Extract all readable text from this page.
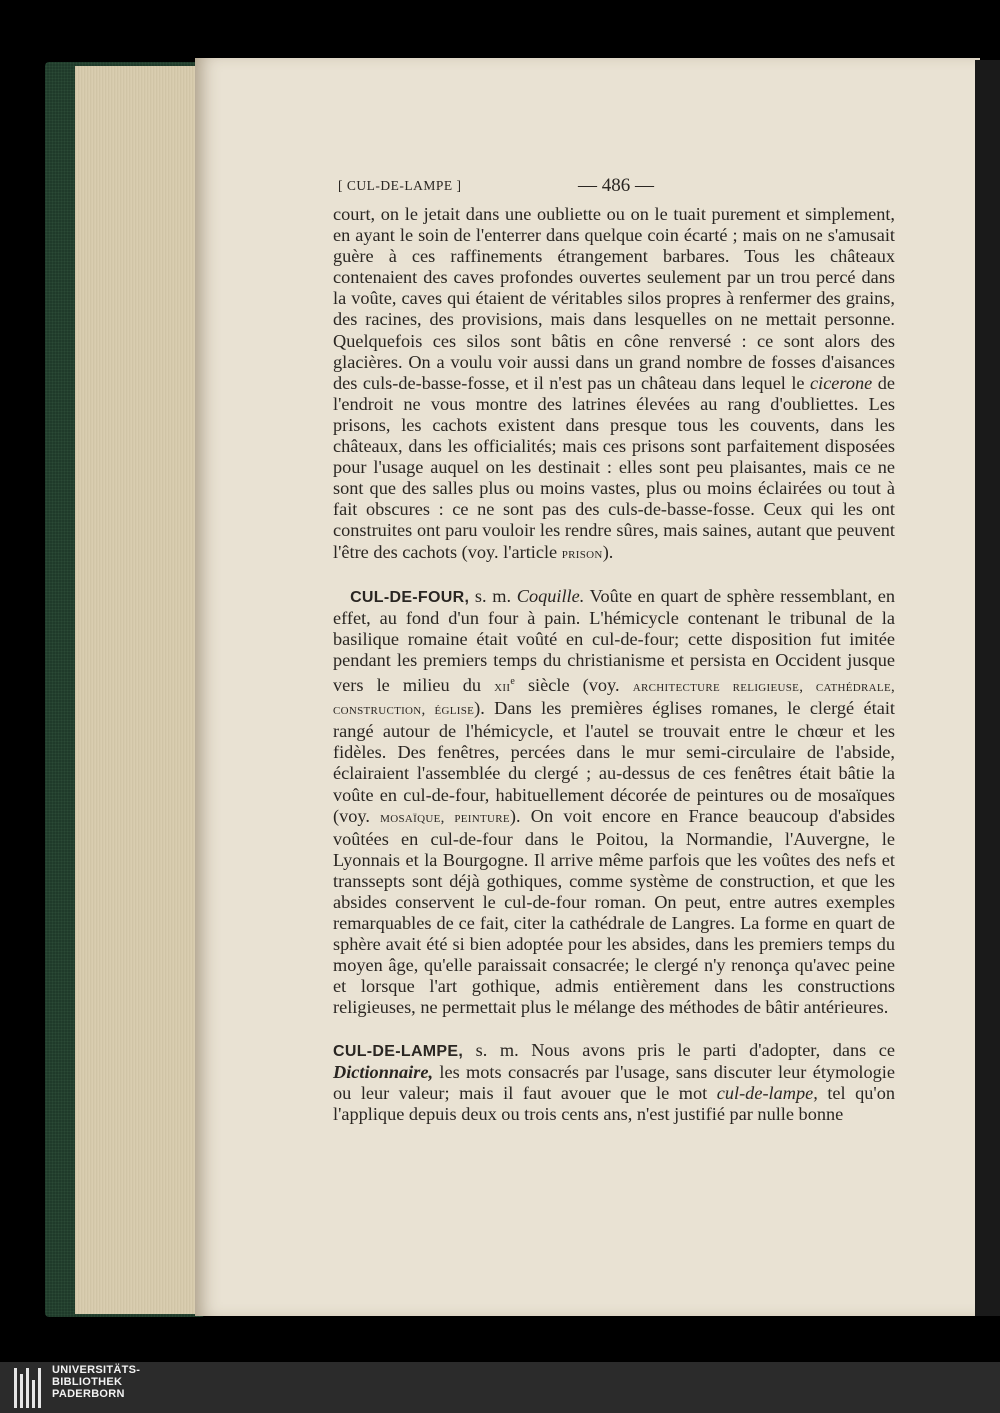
[ CUL-DE-LAMPE ]	— 486 —

court, on le jetait dans une oubliette ou on le tuait purement et simplement, en ayant le soin de l'enterrer dans quelque coin écarté ; mais on ne s'amusait guère à ces raffinements étrangement barbares. Tous les châteaux contenaient des caves profondes ouvertes seulement par un trou percé dans la voûte, caves qui étaient de véritables silos propres à renfermer des grains, des racines, des provisions, mais dans lesquelles on ne mettait personne. Quelquefois ces silos sont bâtis en cône renversé : ce sont alors des glacières. On a voulu voir aussi dans un grand nombre de fosses d'aisances des culs-de-basse-fosse, et il n'est pas un château dans lequel le cicerone de l'endroit ne vous montre des latrines élevées au rang d'oubliettes. Les prisons, les cachots existent dans presque tous les couvents, dans les châteaux, dans les officialités; mais ces prisons sont parfaitement disposées pour l'usage auquel on les destinait : elles sont peu plaisantes, mais ce ne sont que des salles plus ou moins vastes, plus ou moins éclairées ou tout à fait obscures : ce ne sont pas des culs-de-basse-fosse. Ceux qui les ont construites ont paru vouloir les rendre sûres, mais saines, autant que peuvent l'être des cachots (voy. l'article prison).

CUL-DE-FOUR, s. m. Coquille. Voûte en quart de sphère ressemblant, en effet, au fond d'un four à pain. L'hémicycle contenant le tribunal de la basilique romaine était voûté en cul-de-four; cette disposition fut imitée pendant les premiers temps du christianisme et persista en Occident jusque vers le milieu du xii$^e$ siècle (voy. architecture religieuse, cathédrale, construction, église). Dans les premières églises romanes, le clergé était rangé autour de l'hémicycle, et l'autel se trouvait entre le chœur et les fidèles. Des fenêtres, percées dans le mur semi-circulaire de l'abside, éclairaient l'assemblée du clergé ; au-dessus de ces fenêtres était bâtie la voûte en cul-de-four, habituellement décorée de peintures ou de mosaïques (voy. mosaïque, peinture). On voit encore en France beaucoup d'absides voûtées en cul-de-four dans le Poitou, la Normandie, l'Auvergne, le Lyonnais et la Bourgogne. Il arrive même parfois que les voûtes des nefs et transsepts sont déjà gothiques, comme système de construction, et que les absides conservent le cul-de-four roman. On peut, entre autres exemples remarquables de ce fait, citer la cathédrale de Langres. La forme en quart de sphère avait été si bien adoptée pour les absides, dans les premiers temps du moyen âge, qu'elle paraissait consacrée; le clergé n'y renonça qu'avec peine et lorsque l'art gothique, admis entièrement dans les constructions religieuses, ne permettait plus le mélange des méthodes de bâtir antérieures.

CUL-DE-LAMPE, s. m. Nous avons pris le parti d'adopter, dans ce Dictionnaire, les mots consacrés par l'usage, sans discuter leur étymologie ou leur valeur; mais il faut avouer que le mot cul-de-lampe, tel qu'on l'applique depuis deux ou trois cents ans, n'est justifié par nulle bonne

UNIVERSITÄTS-
BIBLIOTHEK
PADERBORN
